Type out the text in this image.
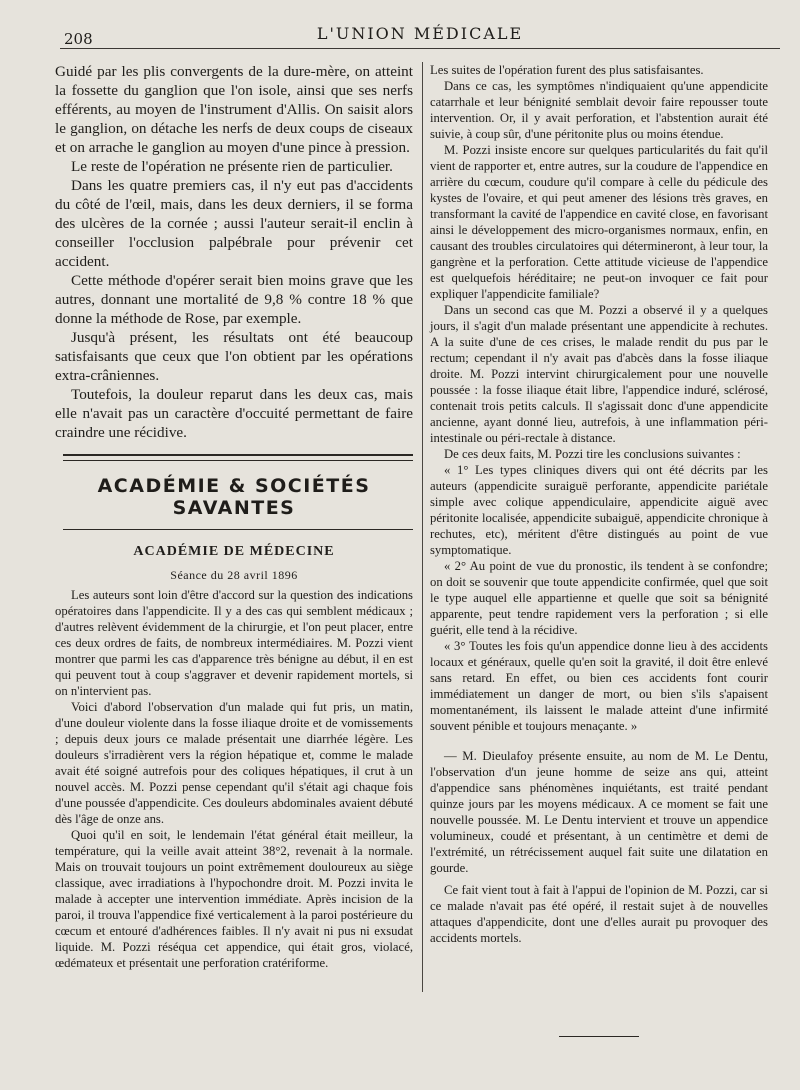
208	L'UNION MÉDICALE

Guidé par les plis convergents de la dure-mère, on atteint la fossette du ganglion que l'on isole, ainsi que ses nerfs efférents, au moyen de l'instrument d'Allis. On saisit alors le ganglion, on détache les nerfs de deux coups de ciseaux et on arrache le ganglion au moyen d'une pince à pression.

Le reste de l'opération ne présente rien de particulier.

Dans les quatre premiers cas, il n'y eut pas d'accidents du côté de l'œil, mais, dans les deux derniers, il se forma des ulcères de la cornée ; aussi l'auteur serait-il enclin à conseiller l'occlusion palpébrale pour prévenir cet accident.

Cette méthode d'opérer serait bien moins grave que les autres, donnant une mortalité de 9,8 % contre 18 % que donne la méthode de Rose, par exemple.

Jusqu'à présent, les résultats ont été beaucoup satisfaisants que ceux que l'on obtient par les opérations extra-crâniennes.

Toutefois, la douleur reparut dans les deux cas, mais elle n'avait pas un caractère d'occuité permettant de faire craindre une récidive.

ACADÉMIE & SOCIÉTÉS SAVANTES
ACADÉMIE DE MÉDECINE
Séance du 28 avril 1896

Les auteurs sont loin d'être d'accord sur la question des indications opératoires dans l'appendicite. Il y a des cas qui semblent médicaux ; d'autres relèvent évidemment de la chirurgie, et l'on peut placer, entre ces deux ordres de faits, de nombreux intermédiaires. M. Pozzi vient montrer que parmi les cas d'apparence très bénigne au début, il en est qui peuvent tout à coup s'aggraver et devenir rapidement mortels, si on n'intervient pas.

Voici d'abord l'observation d'un malade qui fut pris, un matin, d'une douleur violente dans la fosse iliaque droite et de vomissements ; depuis deux jours ce malade présentait une diarrhée légère. Les douleurs s'irradièrent vers la région hépatique et, comme le malade avait été soigné autrefois pour des coliques hépatiques, il crut à un nouvel accès. M. Pozzi pense cependant qu'il s'était agi chaque fois d'une poussée d'appendicite. Ces douleurs abdominales avaient débuté dès l'âge de onze ans.

Quoi qu'il en soit, le lendemain l'état général était meilleur, la température, qui la veille avait atteint 38°2, revenait à la normale. Mais on trouvait toujours un point extrêmement douloureux au siège classique, avec irradiations à l'hypochondre droit. M. Pozzi invita le malade à accepter une intervention immédiate. Après incision de la paroi, il trouva l'appendice fixé verticalement à la paroi postérieure du cœcum et entouré d'adhérences faibles. Il n'y avait ni pus ni exsudat liquide. M. Pozzi réséqua cet appendice, qui était gros, violacé, œdémateux et présentait une perforation cratériforme.

Les suites de l'opération furent des plus satisfaisantes.

Dans ce cas, les symptômes n'indiquaient qu'une appendicite catarrhale et leur bénignité semblait devoir faire repousser toute intervention. Or, il y avait perforation, et l'abstention aurait été suivie, à coup sûr, d'une péritonite plus ou moins étendue.

M. Pozzi insiste encore sur quelques particularités du fait qu'il vient de rapporter et, entre autres, sur la coudure de l'appendice en arrière du cœcum, coudure qu'il compare à celle du pédicule des kystes de l'ovaire, et qui peut amener des lésions très graves, en transformant la cavité de l'appendice en cavité close, en favorisant ainsi le développement des micro-organismes normaux, enfin, en causant des troubles circulatoires qui détermineront, à leur tour, la gangrène et la perforation. Cette attitude vicieuse de l'appendice est quelquefois héréditaire; ne peut-on invoquer ce fait pour expliquer l'appendicite familiale?

Dans un second cas que M. Pozzi a observé il y a quelques jours, il s'agit d'un malade présentant une appendicite à rechutes. A la suite d'une de ces crises, le malade rendit du pus par le rectum; cependant il n'y avait pas d'abcès dans la fosse iliaque droite. M. Pozzi intervint chirurgicalement pour une nouvelle poussée : la fosse iliaque était libre, l'appendice induré, sclérosé, contenait trois petits calculs. Il s'agissait donc d'une appendicite ancienne, ayant donné lieu, autrefois, à une inflammation péri-intestinale ou péri-rectale à distance.

De ces deux faits, M. Pozzi tire les conclusions suivantes :

« 1° Les types cliniques divers qui ont été décrits par les auteurs (appendicite suraiguë perforante, appendicite pariétale simple avec colique appendiculaire, appendicite aiguë avec péritonite localisée, appendicite subaiguë, appendicite chronique à rechutes, etc), méritent d'être distingués au point de vue symptomatique.

« 2° Au point de vue du pronostic, ils tendent à se confondre; on doit se souvenir que toute appendicite confirmée, quel que soit le type auquel elle appartienne et quelle que soit sa bénignité apparente, peut tendre rapidement vers la perforation ; si elle guérit, elle tend à la récidive.

« 3° Toutes les fois qu'un appendice donne lieu à des accidents locaux et généraux, quelle qu'en soit la gravité, il doit être enlevé sans retard. En effet, ou bien ces accidents font courir immédiatement un danger de mort, ou bien s'ils s'apaisent momentanément, ils laissent le malade atteint d'une infirmité souvent pénible et toujours menaçante. »

— M. Dieulafoy présente ensuite, au nom de M. Le Dentu, l'observation d'un jeune homme de seize ans qui, atteint d'appendice sans phénomènes inquiétants, est traité pendant quinze jours par les moyens médicaux. A ce moment se fait une nouvelle poussée. M. Le Dentu intervient et trouve un appendice volumineux, coudé et présentant, à un centimètre et demi de l'extrémité, un rétrécissement auquel fait suite une dilatation en gourde.

Ce fait vient tout à fait à l'appui de l'opinion de M. Pozzi, car si ce malade n'avait pas été opéré, il restait sujet à de nouvelles attaques d'appendicite, dont une d'elles aurait pu provoquer des accidents mortels.
